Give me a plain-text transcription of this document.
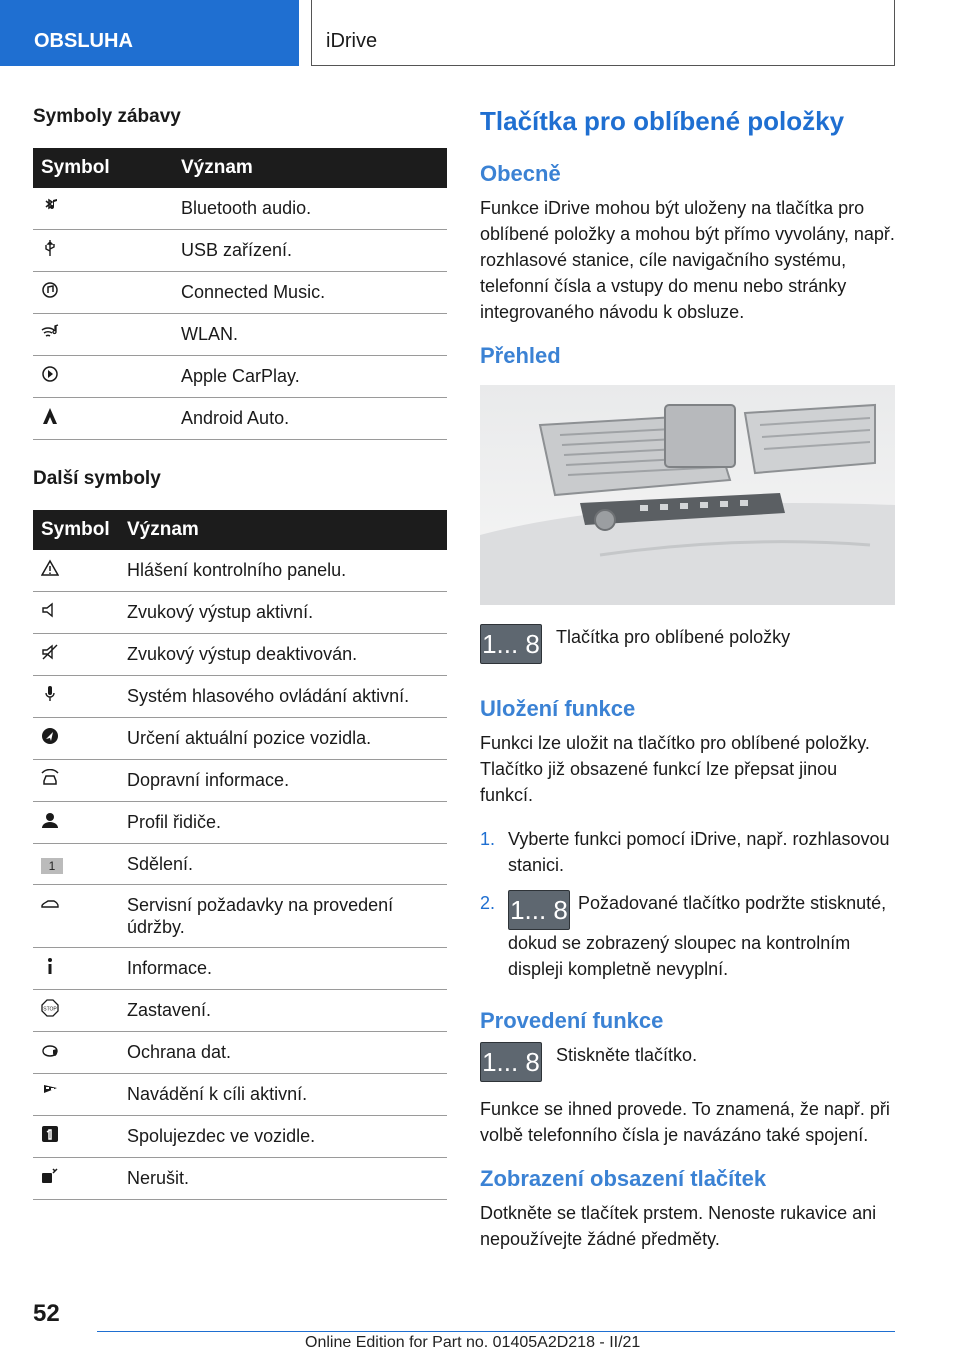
OBSLUHA	iDrive
Symboly zábavy
Symbol	Význam

	Bluetooth audio.

	USB zařízení.

	Connected Music.

	WLAN.

	Apple CarPlay.

	Android Auto.
Další symboly
Symbol	Význam

	Hlášení kontrolního panelu.

	Zvukový výstup aktivní.

	Zvukový výstup deaktivován.

	Systém hlasového ovládání aktivní.

	Určení aktuální pozice vozidla.

	Dopravní informace.

	Profil řidiče.
1	Sdělení.

	Servisní požadavky na provedení údržby.

	Informace.

STOP	Zastavení.

	Ochrana dat.

	Navádění k cíli aktivní.

	Spolujezdec ve vozidle.

	Nerušit.
Tlačítka pro oblíbené položky
Obecně
Funkce iDrive mohou být uloženy na tlačítka pro oblíbené položky a mohou být přímo vyvolány, např. rozhlasové stanice, cíle navigačního systému, telefonní čísla a vstupy do menu nebo stránky integrovaného návodu k obsluze.
Přehled
1... 8 Tlačítka pro oblíbené položky
Uložení funkce
Funkci lze uložit na tlačítko pro oblíbené položky. Tlačítko již obsazené funkcí lze přepsat jinou funkcí.
1. Vyberte funkci pomocí iDrive, např. rozhlasovou stanici.
2. 1... 8 Požadované tlačítko podržte stisknuté, dokud se zobrazený sloupec na kontrolním displeji kompletně nevyplní.
Provedení funkce
1... 8 Stiskněte tlačítko.
Funkce se ihned provede. To znamená, že např. při volbě telefonního čísla je navázáno také spojení.
Zobrazení obsazení tlačítek
Dotkněte se tlačítek prstem. Nenoste rukavice ani nepoužívejte žádné předměty.
52
Online Edition for Part no. 01405A2D218 - II/21
